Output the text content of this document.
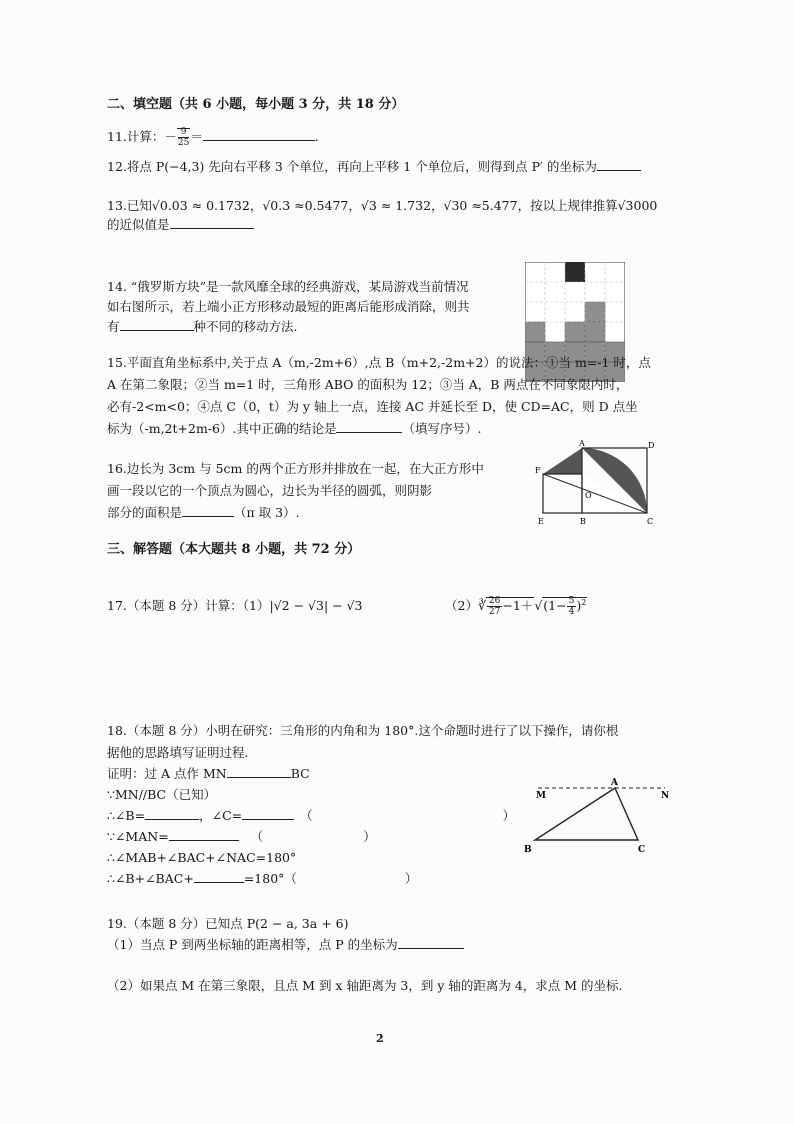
二、填空题（共 6 小题，每小题 3 分，共 18 分）
11.计算：－ $\frac{9}{25}$ ＝	.
12.将点 P(−4,3) 先向右平移 3 个单位，再向上平移 1 个单位后，则得到点 P′ 的坐标为
13.已知√0.03 ≈ 0.1732，√0.3 ≈0.5477，√3 ≈ 1.732，√30 ≈5.477，按以上规律推算√3000
的近似值是
14. “俄罗斯方块”是一款风靡全球的经典游戏，某局游戏当前情况
如右图所示，若上端小正方形移动最短的距离后能形成消除，则共
有	种不同的移动方法.
15.平面直角坐标系中,关于点 A（m,-2m+6）,点 B（m+2,-2m+2）的说法：①当 m=-1 时，点
A 在第二象限；②当 m=1 时，三角形 ABO 的面积为 12；③当 A，B 两点在不同象限内时，
必有-2<m<0；④点 C（0，t）为 y 轴上一点，连接 AC 并延长至 D，使 CD=AC，则 D 点坐
标为（-m,2t+2m-6）.其中正确的结论是	（填写序号）.
16.边长为 3cm 与 5cm 的两个正方形并排放在一起，在大正方形中
画一段以它的一个顶点为圆心，边长为半径的圆弧，则阴影
部分的面积是	（π 取 3）.
A	D
F
O
E	B	C
三、解答题（本大题共 8 小题，共 72 分）
17.（本题 8 分）计算：（1）|√2 − √3| − √3	（2）∛ $\frac{26}{27} -1+√(1- \frac{5}{4} )^2$
18.（本题 8 分）小明在研究：三角形的内角和为 180°.这个命题时进行了以下操作，请你根
据他的思路填写证明过程.
证明：过 A 点作 MN	BC
∵MN//BC（已知）
∴∠B=	，∠C=	（	）
∵∠MAN=	（	）
∴∠MAB+∠BAC+∠NAC=180°
∴∠B+∠BAC+	=180°（	）
M
A
N
B	C
19.（本题 8 分）已知点 P(2 − a, 3a + 6)
（1）当点 P 到两坐标轴的距离相等，点 P 的坐标为
（2）如果点 M 在第三象限，且点 M 到 x 轴距离为 3，到 y 轴的距离为 4，求点 M 的坐标.
2
